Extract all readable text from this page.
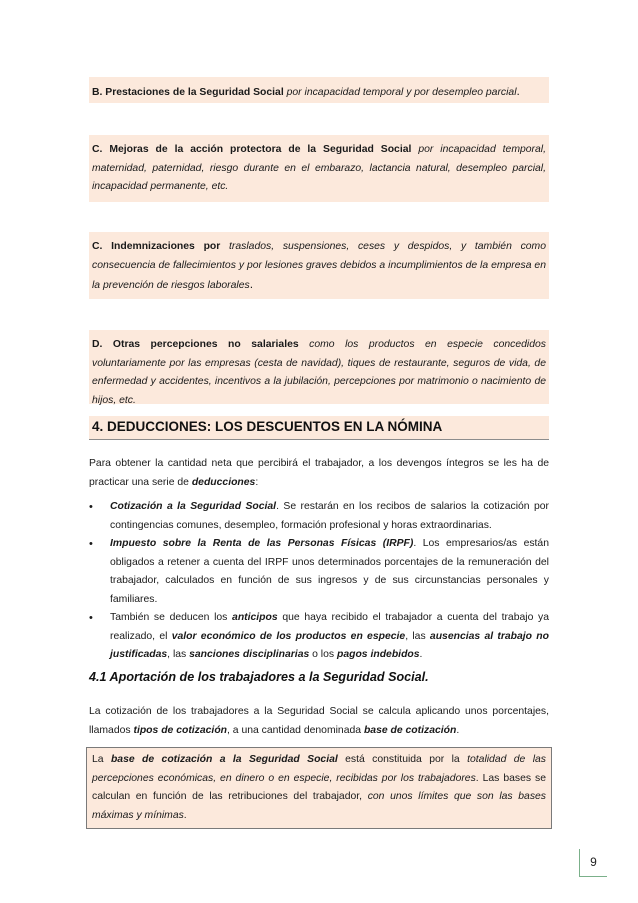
B. Prestaciones de la Seguridad Social por incapacidad temporal y por desempleo parcial.
C. Mejoras de la acción protectora de la Seguridad Social por incapacidad temporal, maternidad, paternidad, riesgo durante en el embarazo, lactancia natural, desempleo parcial, incapacidad permanente, etc.
C. Indemnizaciones por traslados, suspensiones, ceses y despidos, y también como consecuencia de fallecimientos y por lesiones graves debidos a incumplimientos de la empresa en la prevención de riesgos laborales.
D. Otras percepciones no salariales como los productos en especie concedidos voluntariamente por las empresas (cesta de navidad), tiques de restaurante, seguros de vida, de enfermedad y accidentes, incentivos a la jubilación, percepciones por matrimonio o nacimiento de hijos, etc.
4. DEDUCCIONES: LOS DESCUENTOS EN LA NÓMINA
Para obtener la cantidad neta que percibirá el trabajador, a los devengos íntegros se les ha de practicar una serie de deducciones:
• Cotización a la Seguridad Social. Se restarán en los recibos de salarios la cotización por contingencias comunes, desempleo, formación profesional y horas extraordinarias.
• Impuesto sobre la Renta de las Personas Físicas (IRPF). Los empresarios/as están obligados a retener a cuenta del IRPF unos determinados porcentajes de la remuneración del trabajador, calculados en función de sus ingresos y de sus circunstancias personales y familiares.
• También se deducen los anticipos que haya recibido el trabajador a cuenta del trabajo ya realizado, el valor económico de los productos en especie, las ausencias al trabajo no justificadas, las sanciones disciplinarias o los pagos indebidos.
4.1 Aportación de los trabajadores a la Seguridad Social.
La cotización de los trabajadores a la Seguridad Social se calcula aplicando unos porcentajes, llamados tipos de cotización, a una cantidad denominada base de cotización.
La base de cotización a la Seguridad Social está constituida por la totalidad de las percepciones económicas, en dinero o en especie, recibidas por los trabajadores. Las bases se calculan en función de las retribuciones del trabajador, con unos límites que son las bases máximas y mínimas.
9
